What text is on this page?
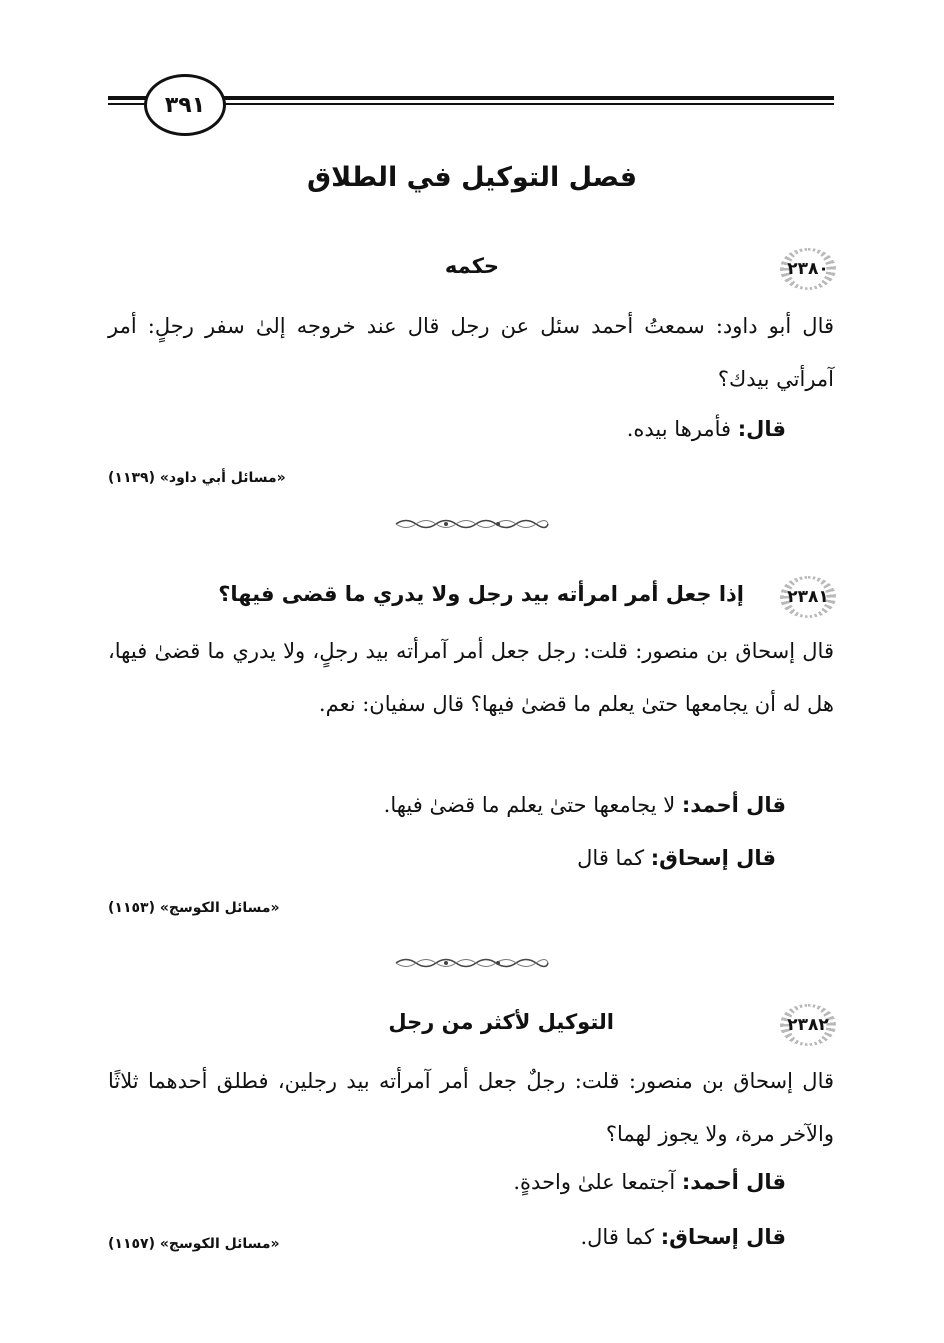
٣٩١
فصل التوكيل في الطلاق
٢٣٨٠
حكمه
قال أبو داود: سمعتُ أحمد سئل عن رجل قال عند خروجه إلىٰ سفر رجلٍ: أمر آمرأتي بيدك؟
قال: فأمرها بيده.
«مسائل أبي داود» (١١٣٩)
٢٣٨١
إذا جعل أمر امرأته بيد رجل ولا يدري ما قضى فيها؟
قال إسحاق بن منصور: قلت: رجل جعل أمر آمرأته بيد رجلٍ، ولا يدري ما قضىٰ فيها، هل له أن يجامعها حتىٰ يعلم ما قضىٰ فيها؟ قال سفيان: نعم.
قال أحمد: لا يجامعها حتىٰ يعلم ما قضىٰ فيها.
قال إسحاق: كما قال
«مسائل الكوسج» (١١٥٣)
٢٣٨٢
التوكيل لأكثر من رجل
قال إسحاق بن منصور: قلت: رجلٌ جعل أمر آمرأته بيد رجلين، فطلق أحدهما ثلاثًا والآخر مرة، ولا يجوز لهما؟
قال أحمد: آجتمعا علىٰ واحدةٍ.
قال إسحاق: كما قال.
«مسائل الكوسج» (١١٥٧)
